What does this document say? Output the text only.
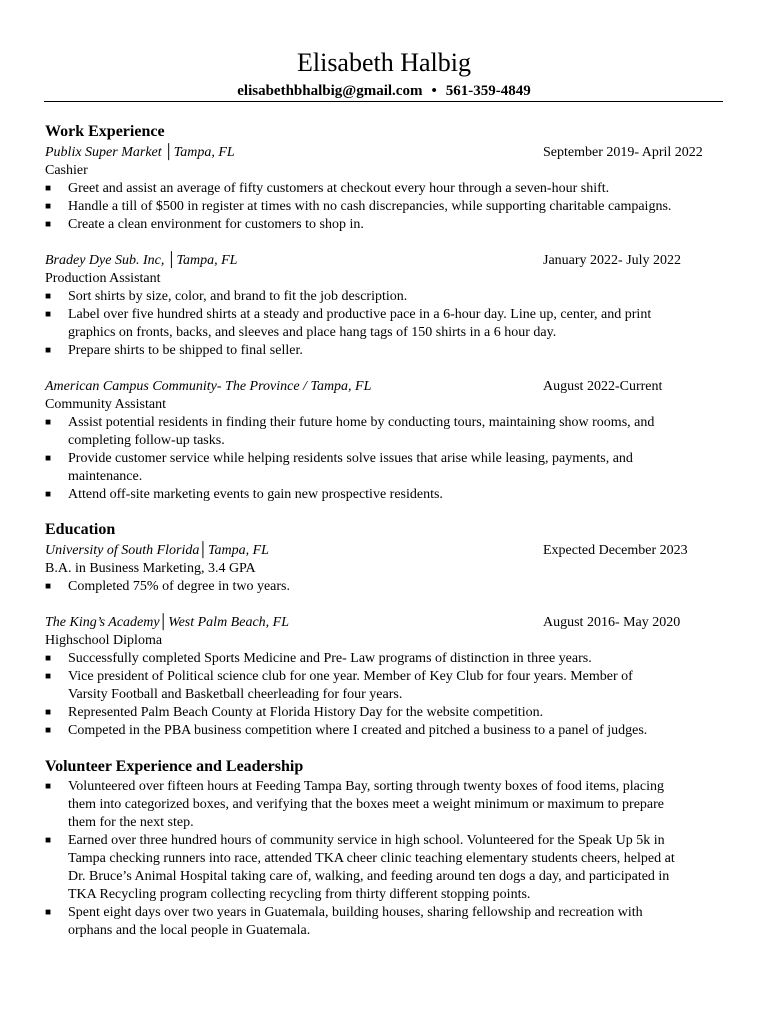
Elisabeth Halbig
elisabethbhalbig@gmail.com • 561-359-4849
Work Experience
Publix Super Market │Tampa, FL	September 2019- April 2022
Cashier
■ Greet and assist an average of fifty customers at checkout every hour through a seven-hour shift.
■ Handle a till of $500 in register at times with no cash discrepancies, while supporting charitable campaigns.
■ Create a clean environment for customers to shop in.
Bradey Dye Sub. Inc, │Tampa, FL	January 2022- July 2022
Production Assistant
■ Sort shirts by size, color, and brand to fit the job description.
■ Label over five hundred shirts at a steady and productive pace in a 6-hour day. Line up, center, and print
graphics on fronts, backs, and sleeves and place hang tags of 150 shirts in a 6 hour day.
■ Prepare shirts to be shipped to final seller.
American Campus Community- The Province / Tampa, FL	August 2022-Current
Community Assistant
■ Assist potential residents in finding their future home by conducting tours, maintaining show rooms, and
completing follow-up tasks.
■ Provide customer service while helping residents solve issues that arise while leasing, payments, and
maintenance.
■ Attend off-site marketing events to gain new prospective residents.
Education
University of South Florida│Tampa, FL	Expected December 2023
B.A. in Business Marketing, 3.4 GPA
■ Completed 75% of degree in two years.
The King’s Academy│West Palm Beach, FL	August 2016- May 2020
Highschool Diploma
■ Successfully completed Sports Medicine and Pre- Law programs of distinction in three years.
■ Vice president of Political science club for one year. Member of Key Club for four years. Member of
Varsity Football and Basketball cheerleading for four years.
■ Represented Palm Beach County at Florida History Day for the website competition.
■ Competed in the PBA business competition where I created and pitched a business to a panel of judges.
Volunteer Experience and Leadership
■ Volunteered over fifteen hours at Feeding Tampa Bay, sorting through twenty boxes of food items, placing
them into categorized boxes, and verifying that the boxes meet a weight minimum or maximum to prepare
them for the next step.
■ Earned over three hundred hours of community service in high school. Volunteered for the Speak Up 5k in
Tampa checking runners into race, attended TKA cheer clinic teaching elementary students cheers, helped at
Dr. Bruce’s Animal Hospital taking care of, walking, and feeding around ten dogs a day, and participated in
TKA Recycling program collecting recycling from thirty different stopping points.
■ Spent eight days over two years in Guatemala, building houses, sharing fellowship and recreation with
orphans and the local people in Guatemala.
